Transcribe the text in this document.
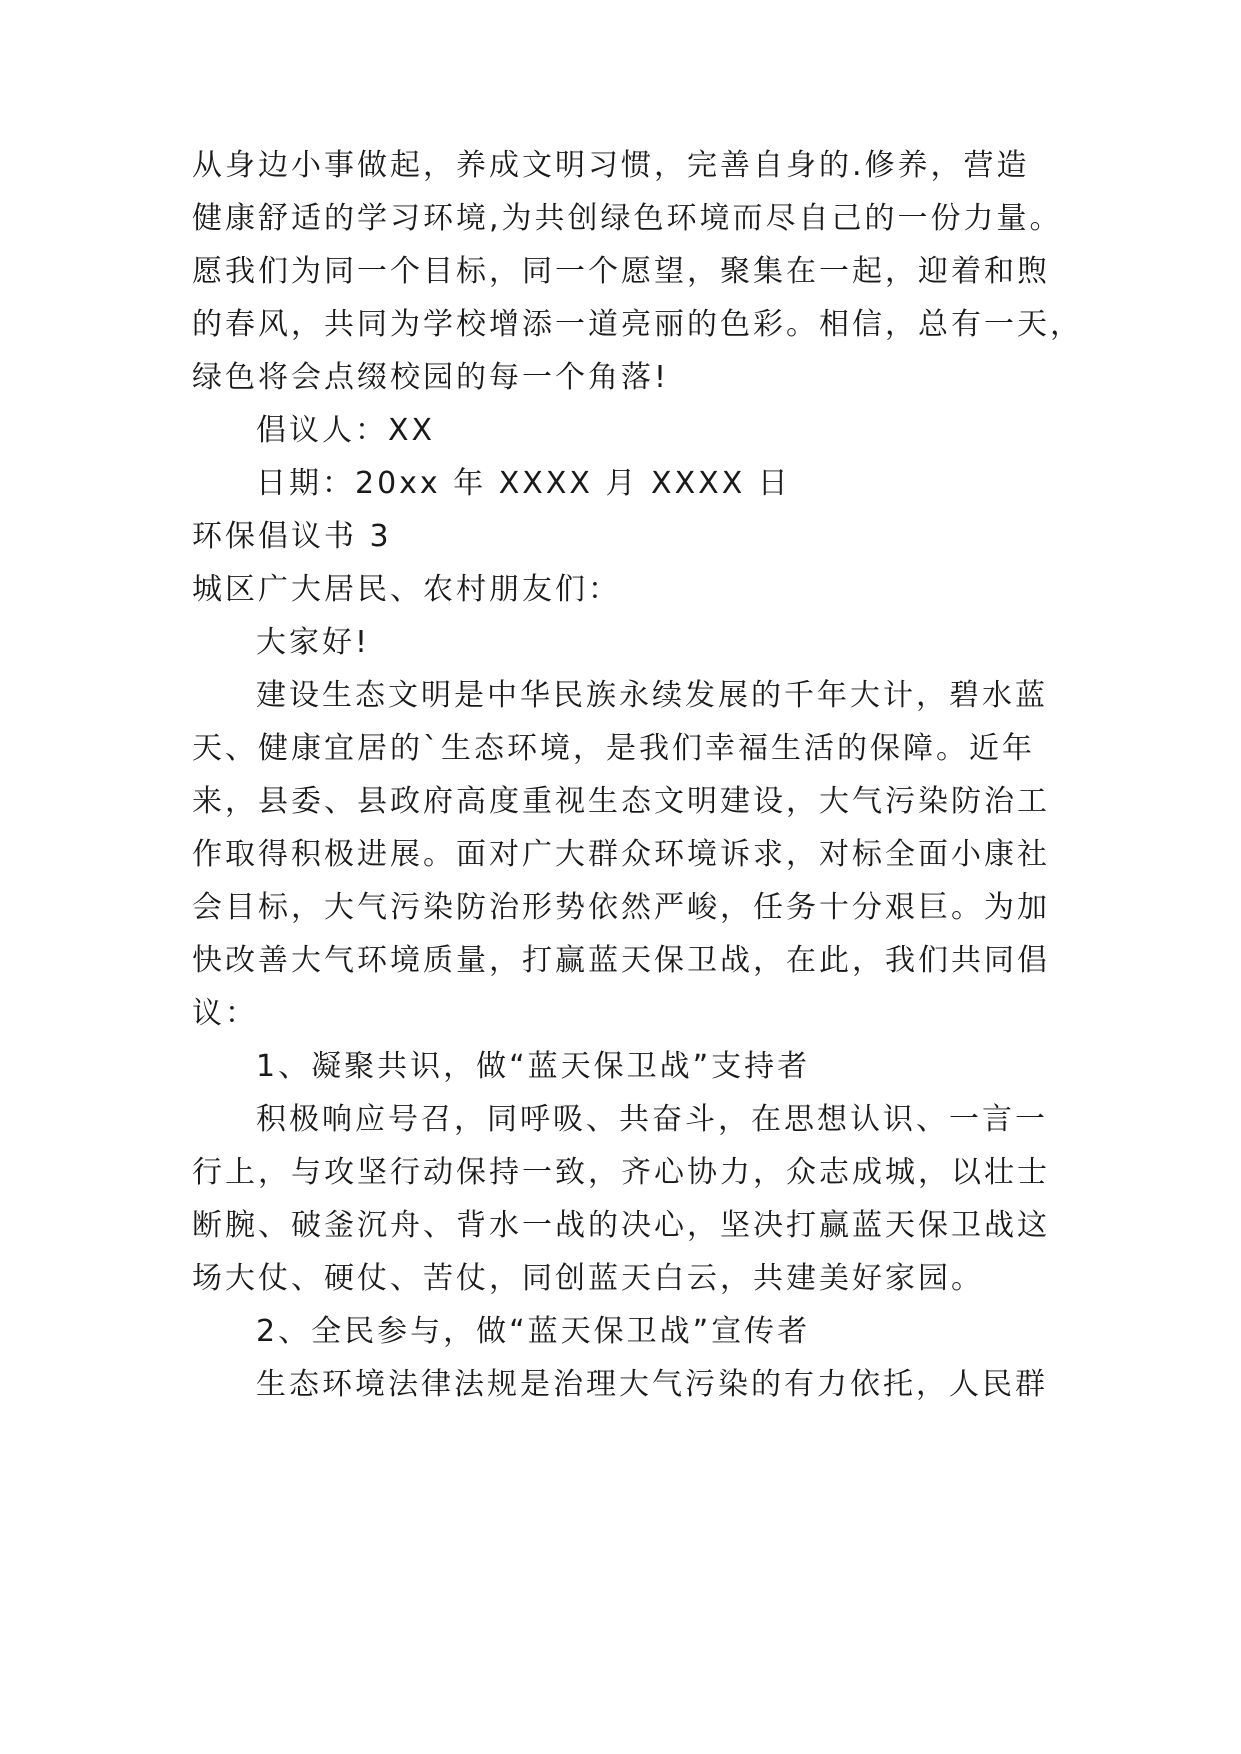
从身边小事做起，养成文明习惯，完善自身的.修养，营造
健康舒适的学习环境,为共创绿色环境而尽自己的一份力量。
愿我们为同一个目标，同一个愿望，聚集在一起，迎着和煦
的春风，共同为学校增添一道亮丽的色彩。相信，总有一天，
绿色将会点缀校园的每一个角落!
倡议人：XX
日期：20xx 年 XXXX 月 XXXX 日
环保倡议书 3
城区广大居民、农村朋友们：
大家好!
建设生态文明是中华民族永续发展的千年大计，碧水蓝
天、健康宜居的`生态环境，是我们幸福生活的保障。近年
来，县委、县政府高度重视生态文明建设，大气污染防治工
作取得积极进展。面对广大群众环境诉求，对标全面小康社
会目标，大气污染防治形势依然严峻，任务十分艰巨。为加
快改善大气环境质量，打赢蓝天保卫战，在此，我们共同倡
议：
1、凝聚共识，做“蓝天保卫战”支持者
积极响应号召，同呼吸、共奋斗，在思想认识、一言一
行上，与攻坚行动保持一致，齐心协力，众志成城，以壮士
断腕、破釜沉舟、背水一战的决心，坚决打赢蓝天保卫战这
场大仗、硬仗、苦仗，同创蓝天白云，共建美好家园。
2、全民参与，做“蓝天保卫战”宣传者
生态环境法律法规是治理大气污染的有力依托，人民群
